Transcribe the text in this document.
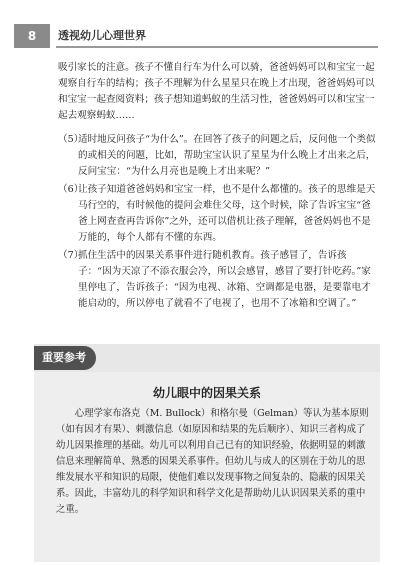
8	透视幼儿心理世界
吸引家长的注意。孩子不懂自行车为什么可以骑，爸爸妈妈可以和宝宝一起观察自行车的结构；孩子不理解为什么星星只在晚上才出现，爸爸妈妈可以和宝宝一起查阅资料；孩子想知道蚂蚁的生活习性，爸爸妈妈可以和宝宝一起去观察蚂蚁……
（5）
适时地反问孩子“为什么”。在回答了孩子的问题之后，反问他一个类似的或相关的问题，比如，帮助宝宝认识了星星为什么晚上才出来之后，反问宝宝：“为什么月亮也是晚上才出来呢？”
（6）
让孩子知道爸爸妈妈和宝宝一样，也不是什么都懂的。孩子的思维是天马行空的，有时候他的提问会难住父母，这个时候，除了告诉宝宝“爸爸上网查查再告诉你”之外，还可以借机让孩子理解，爸爸妈妈也不是万能的，每个人都有不懂的东西。
（7）
抓住生活中的因果关系事件进行随机教育。孩子感冒了，告诉孩子：“因为天凉了不添衣服会冷，所以会感冒，感冒了要打针吃药。”家里停电了，告诉孩子：“因为电视、冰箱、空调都是电器，是要靠电才能启动的，所以停电了就看不了电视了，也用不了冰箱和空调了。”
重要参考
幼儿眼中的因果关系
心理学家布洛克（M. Bullock）和格尔曼（Gelman）等认为基本原则（如有因才有果）、刺激信息（如原因和结果的先后顺序）、知识三者构成了幼儿因果推理的基础。幼儿可以利用自己已有的知识经验，依据明显的刺激信息来理解简单、熟悉的因果关系事件。但幼儿与成人的区别在于幼儿的思维发展水平和知识的局限，使他们难以发现事物之间复杂的、隐蔽的因果关系。因此，丰富幼儿的科学知识和科学文化是帮助幼儿认识因果关系的重中之重。
